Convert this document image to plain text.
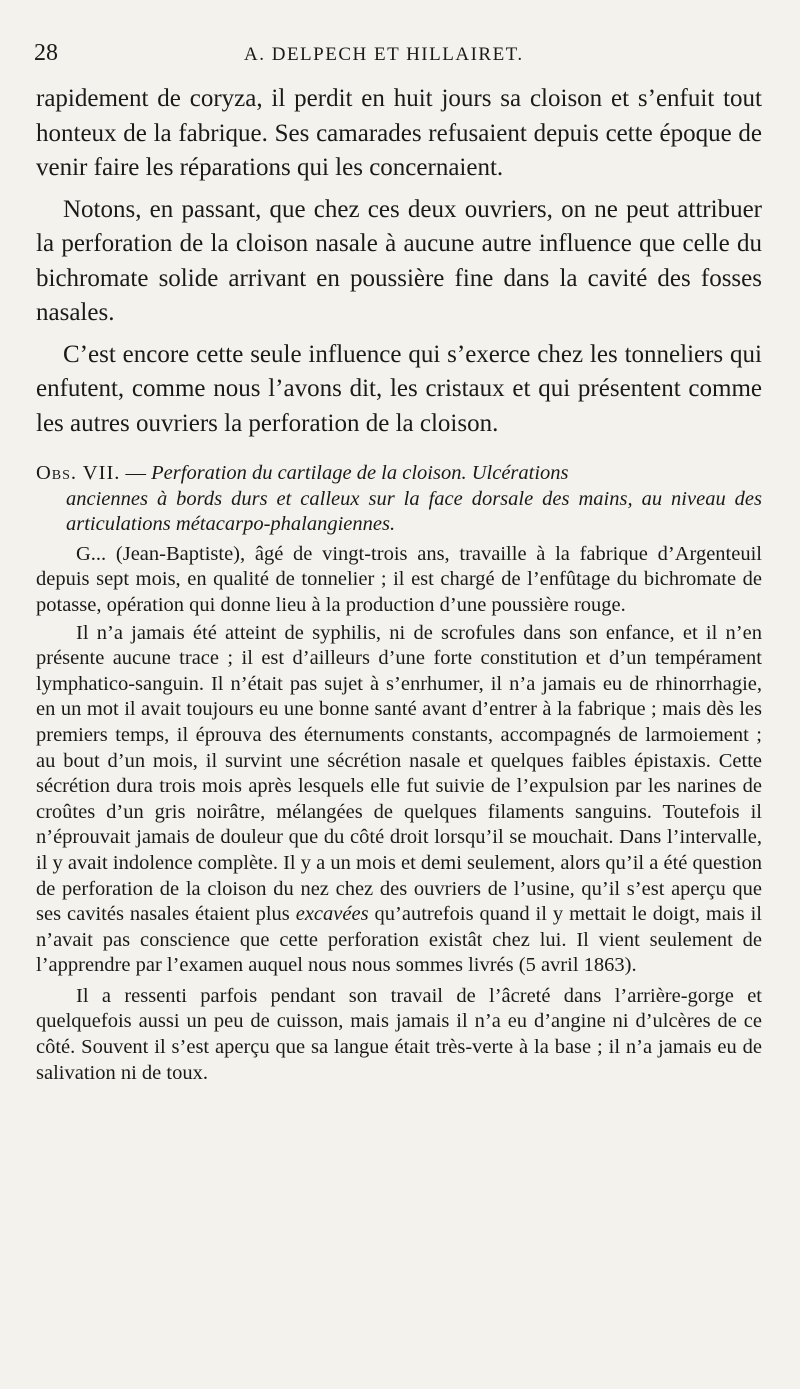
28	A. DELPECH ET HILLAIRET.

rapidement de coryza, il perdit en huit jours sa cloison et s’enfuit tout honteux de la fabrique. Ses camarades refusaient depuis cette époque de venir faire les réparations qui les concernaient.

Notons, en passant, que chez ces deux ouvriers, on ne peut attribuer la perforation de la cloison nasale à aucune autre influence que celle du bichromate solide arrivant en poussière fine dans la cavité des fosses nasales.

C’est encore cette seule influence qui s’exerce chez les tonneliers qui enfutent, comme nous l’avons dit, les cristaux et qui présentent comme les autres ouvriers la perforation de la cloison.

Obs. VII. — Perforation du cartilage de la cloison. Ulcérations
anciennes à bords durs et calleux sur la face dorsale des mains, au niveau des articulations métacarpo-phalangiennes.

G... (Jean-Baptiste), âgé de vingt-trois ans, travaille à la fabrique d’Argenteuil depuis sept mois, en qualité de tonnelier ; il est chargé de l’enfûtage du bichromate de potasse, opération qui donne lieu à la production d’une poussière rouge.

Il n’a jamais été atteint de syphilis, ni de scrofules dans son enfance, et il n’en présente aucune trace ; il est d’ailleurs d’une forte constitution et d’un tempérament lymphatico-sanguin. Il n’était pas sujet à s’enrhumer, il n’a jamais eu de rhinorrhagie, en un mot il avait toujours eu une bonne santé avant d’entrer à la fabrique ; mais dès les premiers temps, il éprouva des éternuments constants, accompagnés de larmoiement ; au bout d’un mois, il survint une sécrétion nasale et quelques faibles épistaxis. Cette sécrétion dura trois mois après lesquels elle fut suivie de l’expulsion par les narines de croûtes d’un gris noirâtre, mélangées de quelques filaments sanguins. Toutefois il n’éprouvait jamais de douleur que du côté droit lorsqu’il se mouchait. Dans l’intervalle, il y avait indolence complète. Il y a un mois et demi seulement, alors qu’il a été question de perforation de la cloison du nez chez des ouvriers de l’usine, qu’il s’est aperçu que ses cavités nasales étaient plus excavées qu’autrefois quand il y mettait le doigt, mais il n’avait pas conscience que cette perforation existât chez lui. Il vient seulement de l’apprendre par l’examen auquel nous nous sommes livrés (5 avril 1863).

Il a ressenti parfois pendant son travail de l’âcreté dans l’arrière-gorge et quelquefois aussi un peu de cuisson, mais jamais il n’a eu d’angine ni d’ulcères de ce côté. Souvent il s’est aperçu que sa langue était très-verte à la base ; il n’a jamais eu de salivation ni de toux.
